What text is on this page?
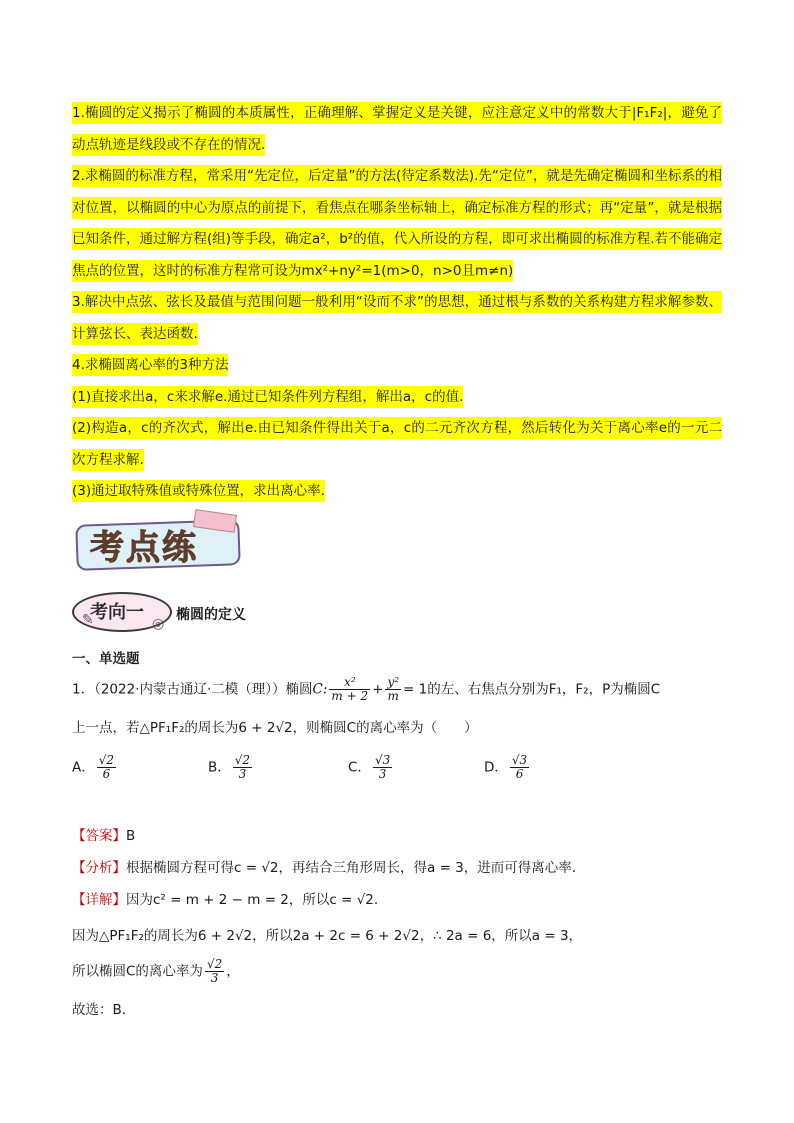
1.椭圆的定义揭示了椭圆的本质属性，正确理解、掌握定义是关键，应注意定义中的常数大于|F₁F₂|，避免了动点轨迹是线段或不存在的情况.

2.求椭圆的标准方程，常采用“先定位，后定量”的方法(待定系数法).先“定位”，就是先确定椭圆和坐标系的相对位置，以椭圆的中心为原点的前提下，看焦点在哪条坐标轴上，确定标准方程的形式；再“定量”，就是根据已知条件，通过解方程(组)等手段，确定a²，b²的值，代入所设的方程，即可求出椭圆的标准方程.若不能确定焦点的位置，这时的标准方程常可设为mx²+ny²=1(m>0，n>0且m≠n)

3.解决中点弦、弦长及最值与范围问题一般利用“设而不求”的思想，通过根与系数的关系构建方程求解参数、计算弦长、表达函数.

4.求椭圆离心率的3种方法

(1)直接求出a，c来求解e.通过已知条件列方程组，解出a，c的值.

(2)构造a，c的齐次式，解出e.由已知条件得出关于a，c的二元齐次方程，然后转化为关于离心率e的一元二次方程求解.

(3)通过取特殊值或特殊位置，求出离心率.

考点练
考向一
✎	◎
椭圆的定义
一、单选题
1．（2022·内蒙古通辽·二模（理））椭圆C: $\frac{\text{x²}}{m + 2} + \frac{\text{y²}}{m} = 1$的左、右焦点分别为F₁，F₂，P为椭圆C
上一点，若△PF₁F₂的周长为6 + 2√2，则椭圆C的离心率为（　　）
A． $\frac{√2}{6}$	B． $\frac{√2}{3}$	C． $\frac{√3}{3}$	D． $\frac{√3}{6}$
【答案】B
【分析】根据椭圆方程可得c = √2，再结合三角形周长，得a = 3，进而可得离心率.
【详解】因为c² = m + 2 − m = 2，所以c = √2.
因为△PF₁F₂的周长为6 + 2√2，所以2a + 2c = 6 + 2√2，∴ 2a = 6，所以a = 3，
所以椭圆C的离心率为 $\frac{√2}{3}$ ，
故选：B.
